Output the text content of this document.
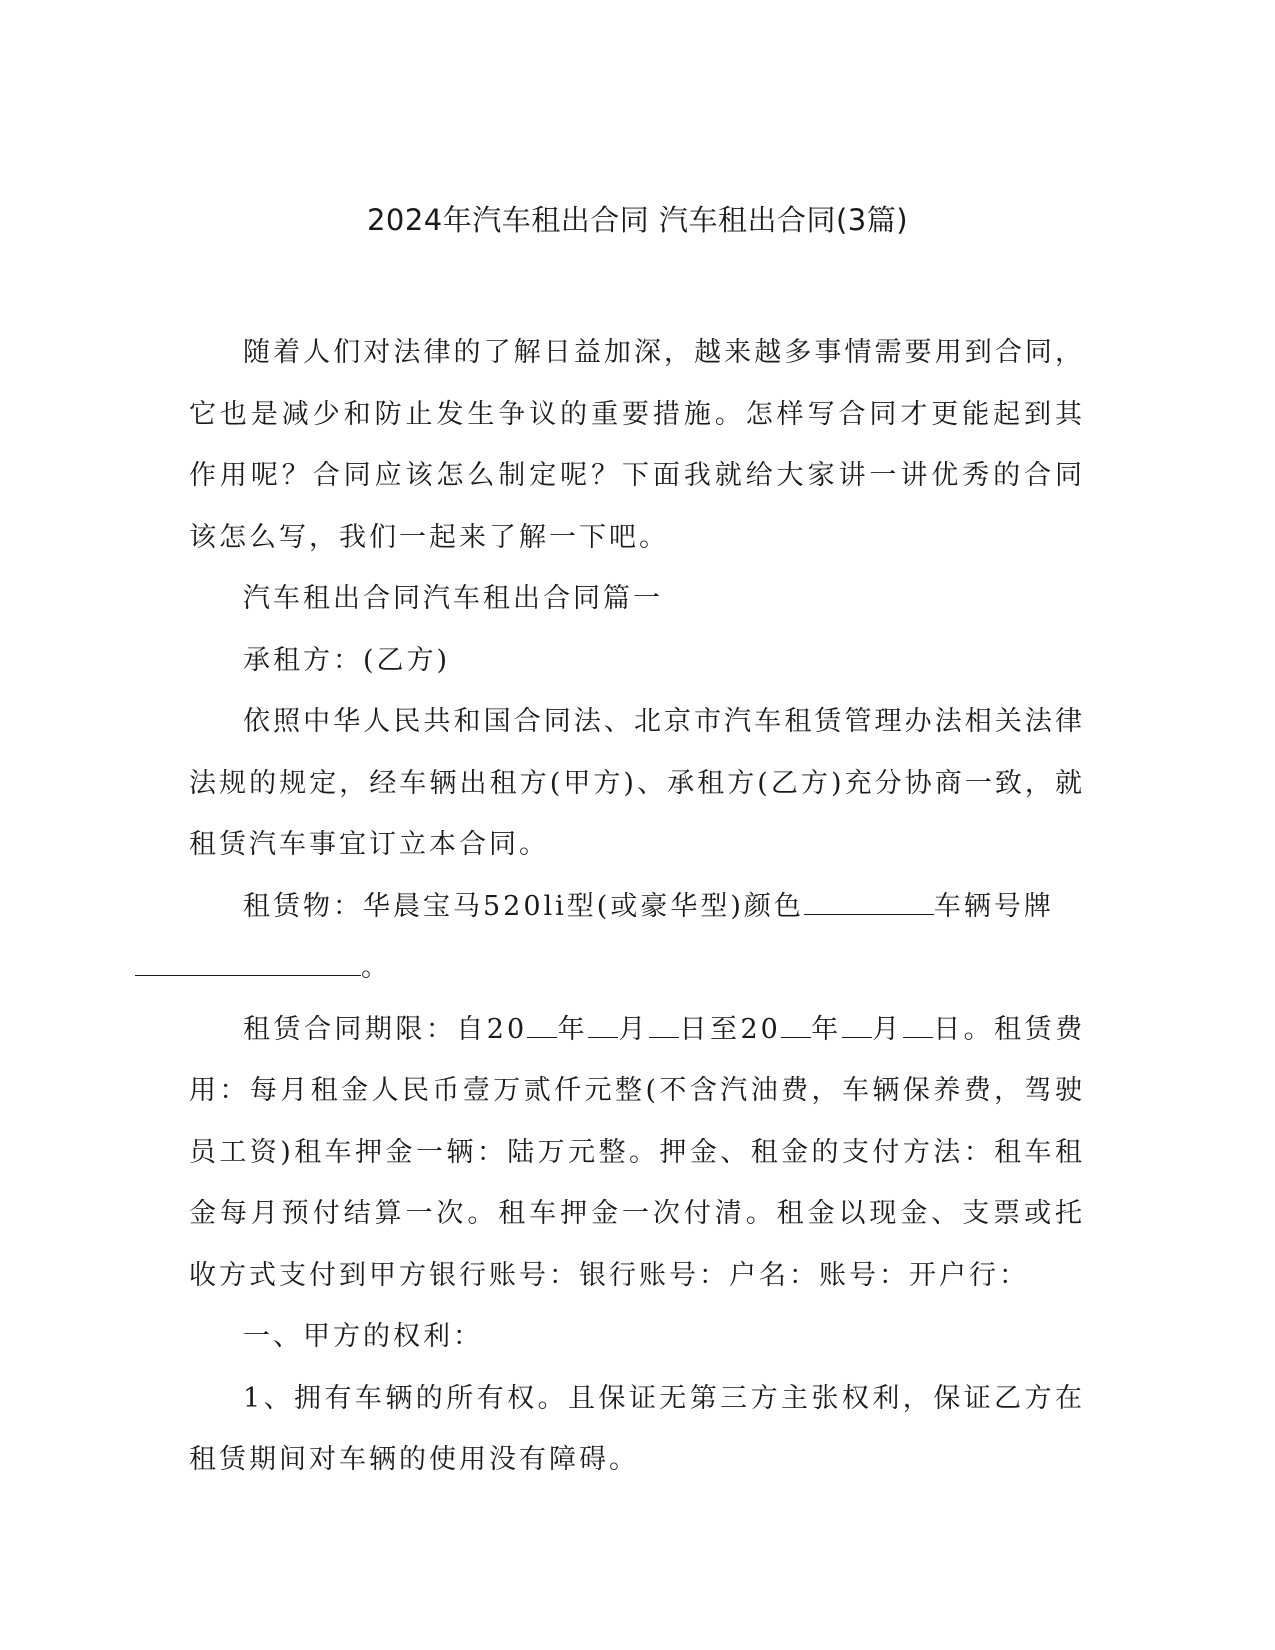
2024年汽车租出合同 汽车租出合同(3篇)

随着人们对法律的了解日益加深，越来越多事情需要用到合同，它也是减少和防止发生争议的重要措施。怎样写合同才更能起到其作用呢？合同应该怎么制定呢？下面我就给大家讲一讲优秀的合同该怎么写，我们一起来了解一下吧。

汽车租出合同汽车租出合同篇一

承租方：(乙方)

依照中华人民共和国合同法、北京市汽车租赁管理办法相关法律法规的规定，经车辆出租方(甲方)、承租方(乙方)充分协商一致，就租赁汽车事宜订立本合同。

租赁物：华晨宝马520li型(或豪华型)颜色	车辆号牌
。

租赁合同期限：自20 年 月 日至20 年 月 日。租赁费用：每月租金人民币壹万贰仟元整(不含汽油费，车辆保养费，驾驶员工资)租车押金一辆：陆万元整。押金、租金的支付方法：租车租金每月预付结算一次。租车押金一次付清。租金以现金、支票或托收方式支付到甲方银行账号：银行账号：户名：账号：开户行：

一、甲方的权利：

1、拥有车辆的所有权。且保证无第三方主张权利，保证乙方在租赁期间对车辆的使用没有障碍。
